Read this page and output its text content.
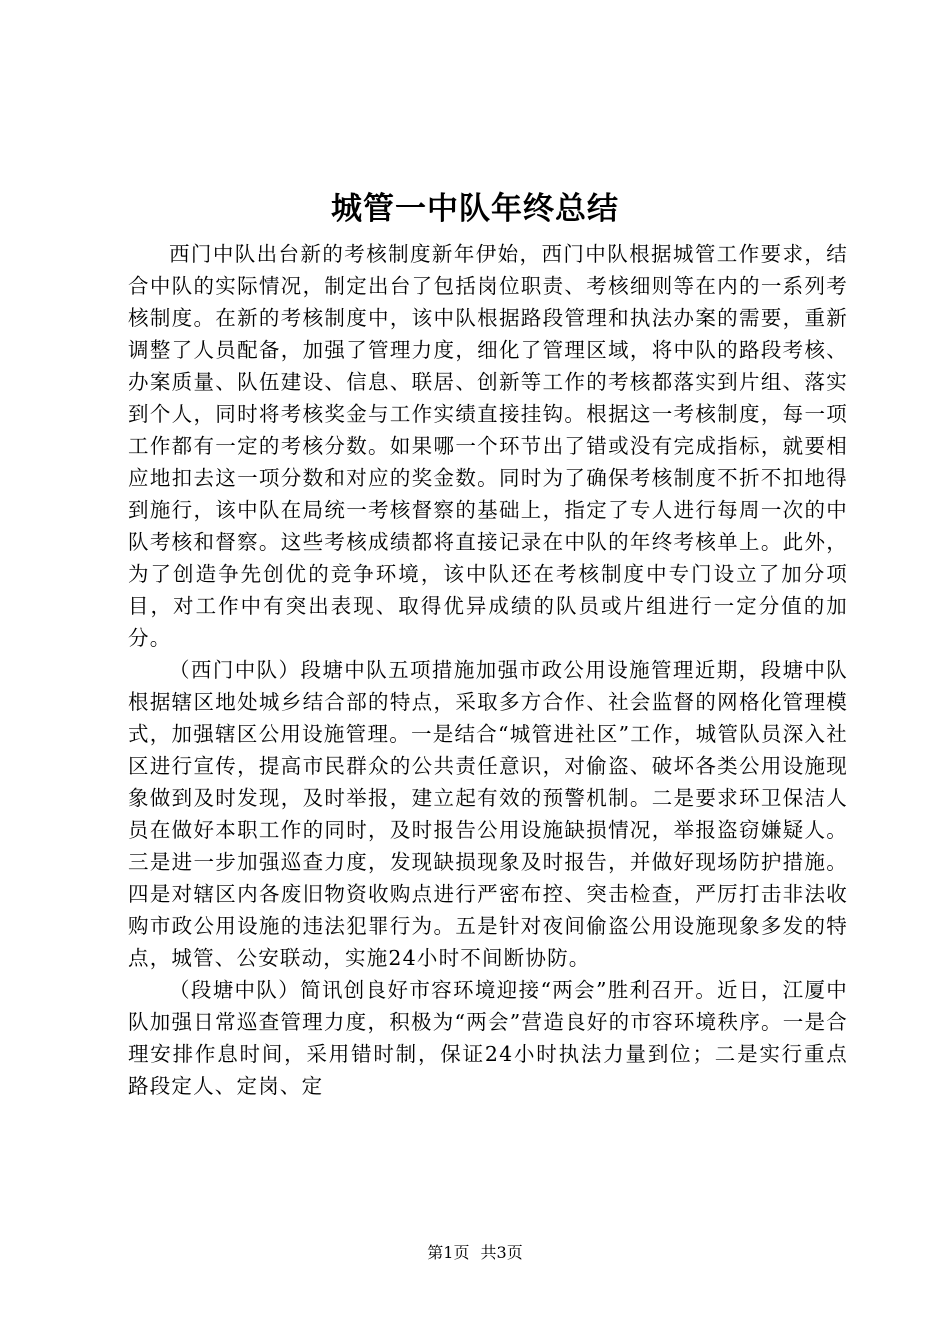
城管一中队年终总结

西门中队出台新的考核制度新年伊始，西门中队根据城管工作要求，结合中队的实际情况，制定出台了包括岗位职责、考核细则等在内的一系列考核制度。在新的考核制度中，该中队根据路段管理和执法办案的需要，重新调整了人员配备，加强了管理力度，细化了管理区域，将中队的路段考核、办案质量、队伍建设、信息、联居、创新等工作的考核都落实到片组、落实到个人，同时将考核奖金与工作实绩直接挂钩。根据这一考核制度，每一项工作都有一定的考核分数。如果哪一个环节出了错或没有完成指标，就要相应地扣去这一项分数和对应的奖金数。同时为了确保考核制度不折不扣地得到施行，该中队在局统一考核督察的基础上，指定了专人进行每周一次的中队考核和督察。这些考核成绩都将直接记录在中队的年终考核单上。此外，为了创造争先创优的竞争环境，该中队还在考核制度中专门设立了加分项目，对工作中有突出表现、取得优异成绩的队员或片组进行一定分值的加分。

（西门中队）段塘中队五项措施加强市政公用设施管理近期，段塘中队根据辖区地处城乡结合部的特点，采取多方合作、社会监督的网格化管理模式，加强辖区公用设施管理。一是结合“城管进社区”工作，城管队员深入社区进行宣传，提高市民群众的公共责任意识，对偷盗、破坏各类公用设施现象做到及时发现，及时举报，建立起有效的预警机制。二是要求环卫保洁人员在做好本职工作的同时，及时报告公用设施缺损情况，举报盗窃嫌疑人。三是进一步加强巡查力度，发现缺损现象及时报告，并做好现场防护措施。四是对辖区内各废旧物资收购点进行严密布控、突击检查，严厉打击非法收购市政公用设施的违法犯罪行为。五是针对夜间偷盗公用设施现象多发的特点，城管、公安联动，实施24小时不间断协防。

（段塘中队）简讯创良好市容环境迎接“两会”胜利召开。近日，江厦中队加强日常巡查管理力度，积极为“两会”营造良好的市容环境秩序。一是合理安排作息时间，采用错时制，保证24小时执法力量到位；二是实行重点路段定人、定岗、定

第1页 共3页
